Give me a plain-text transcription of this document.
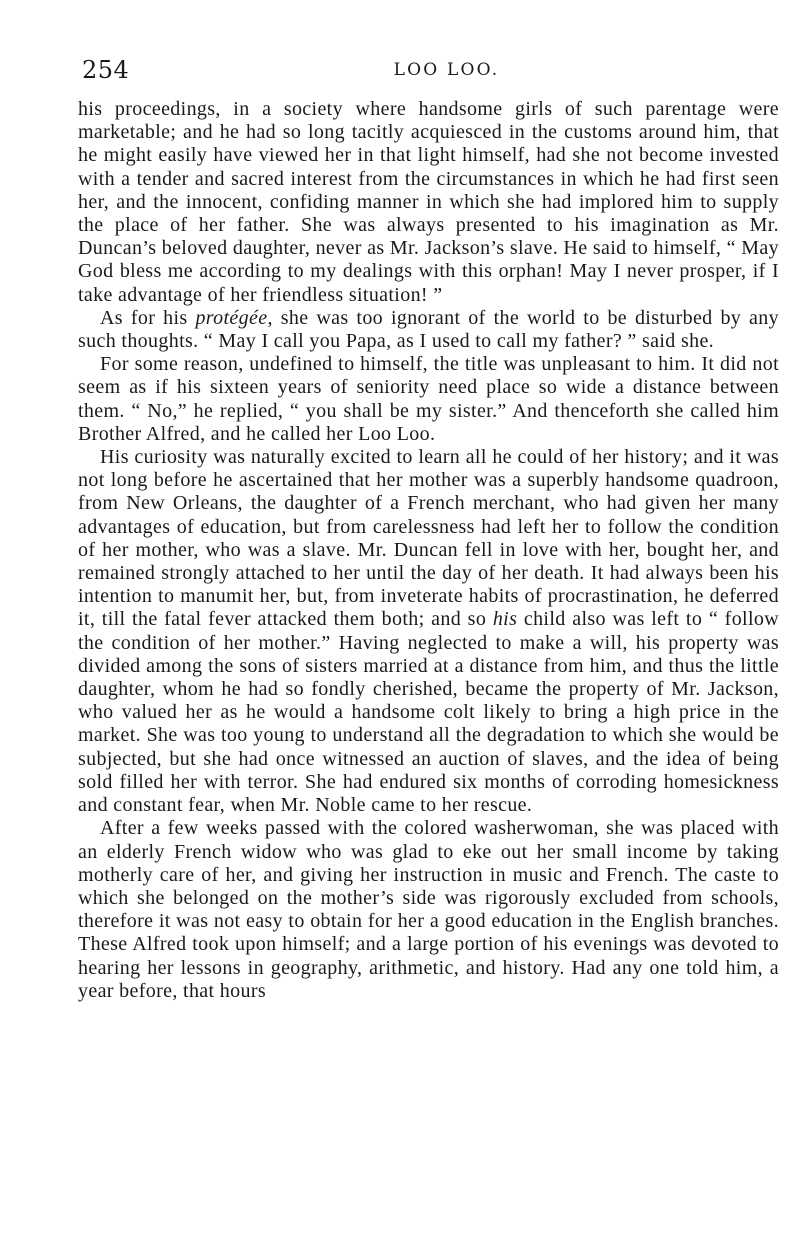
254	LOO LOO.

his proceedings, in a society where handsome girls of such parentage were marketable; and he had so long tacitly acquiesced in the customs around him, that he might easily have viewed her in that light himself, had she not become invested with a tender and sacred interest from the circumstances in which he had first seen her, and the innocent, confiding manner in which she had implored him to supply the place of her father. She was always presented to his imagination as Mr. Duncan’s beloved daughter, never as Mr. Jackson’s slave. He said to himself, “ May God bless me according to my dealings with this orphan! May I never prosper, if I take advantage of her friendless situation! ”

As for his protégée, she was too ignorant of the world to be disturbed by any such thoughts. “ May I call you Papa, as I used to call my father? ” said she.

For some reason, undefined to himself, the title was unpleasant to him. It did not seem as if his sixteen years of seniority need place so wide a distance between them. “ No,” he replied, “ you shall be my sister.” And thenceforth she called him Brother Alfred, and he called her Loo Loo.

His curiosity was naturally excited to learn all he could of her history; and it was not long before he ascertained that her mother was a superbly handsome quadroon, from New Orleans, the daughter of a French merchant, who had given her many advantages of education, but from carelessness had left her to follow the condition of her mother, who was a slave. Mr. Duncan fell in love with her, bought her, and remained strongly attached to her until the day of her death. It had always been his intention to manumit her, but, from inveterate habits of procrastination, he deferred it, till the fatal fever attacked them both; and so his child also was left to “ follow the condition of her mother.” Having neglected to make a will, his property was divided among the sons of sisters married at a distance from him, and thus the little daughter, whom he had so fondly cherished, became the property of Mr. Jackson, who valued her as he would a handsome colt likely to bring a high price in the market. She was too young to understand all the degradation to which she would be subjected, but she had once witnessed an auction of slaves, and the idea of being sold filled her with terror. She had endured six months of corroding homesickness and constant fear, when Mr. Noble came to her rescue.

After a few weeks passed with the colored washerwoman, she was placed with an elderly French widow who was glad to eke out her small income by taking motherly care of her, and giving her instruction in music and French. The caste to which she belonged on the mother’s side was rigorously excluded from schools, therefore it was not easy to obtain for her a good education in the English branches. These Alfred took upon himself; and a large portion of his evenings was devoted to hearing her lessons in geography, arithmetic, and history. Had any one told him, a year before, that hours
